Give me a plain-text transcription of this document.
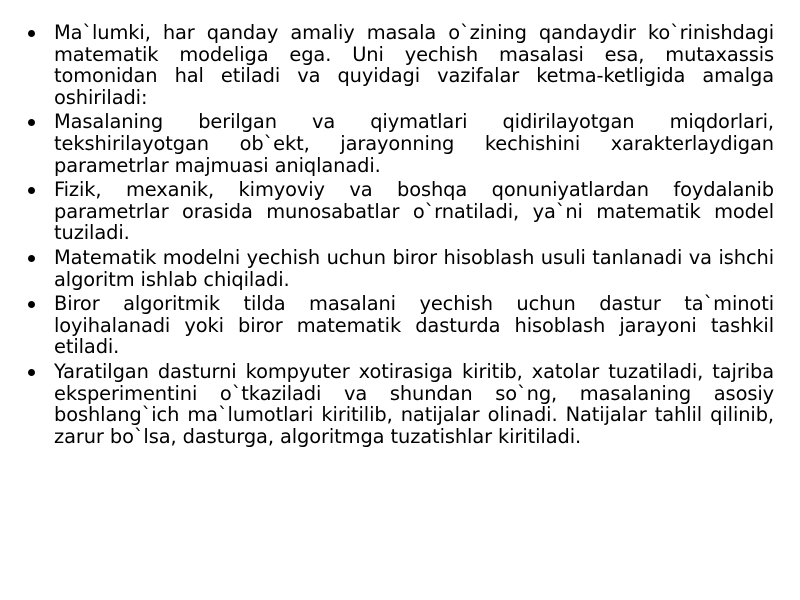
Ma`lumki, har qanday amaliy masala o`zining qandaydir ko`rinishdagi matematik modeliga ega. Uni yechish masalasi esa, mutaxassis tomonidan hal etiladi va quyidagi vazifalar ketma-ketligida amalga oshiriladi:
Masalaning berilgan va qiymatlari qidirilayotgan miqdorlari, tekshirilayotgan ob`ekt, jarayonning kechishini xarakterlaydigan parametrlar majmuasi aniqlanadi.
Fizik, mexanik, kimyoviy va boshqa qonuniyatlardan foydalanib parametrlar orasida munosabatlar o`rnatiladi, ya`ni matematik model tuziladi.
Matematik modelni yechish uchun biror hisoblash usuli tanlanadi va ishchi algoritm ishlab chiqiladi.
Biror algoritmik tilda masalani yechish uchun dastur ta`minoti loyihalanadi yoki biror matematik dasturda hisoblash jarayoni tashkil etiladi.
Yaratilgan dasturni kompyuter xotirasiga kiritib, xatolar tuzatiladi, tajriba eksperimentini o`tkaziladi va shundan so`ng, masalaning asosiy boshlang`ich ma`lumotlari kiritilib, natijalar olinadi. Natijalar tahlil qilinib, zarur bo`lsa, dasturga, algoritmga tuzatishlar kiritiladi.
